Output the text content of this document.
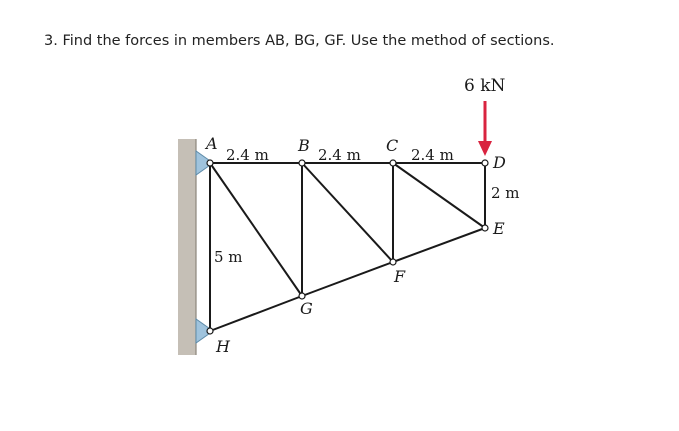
3. Find the forces in members AB, BG, GF. Use the method of sections.
6 kN
A	B	C
D
E
F
G
H
2.4 m	2.4 m	2.4 m
2 m
5 m
